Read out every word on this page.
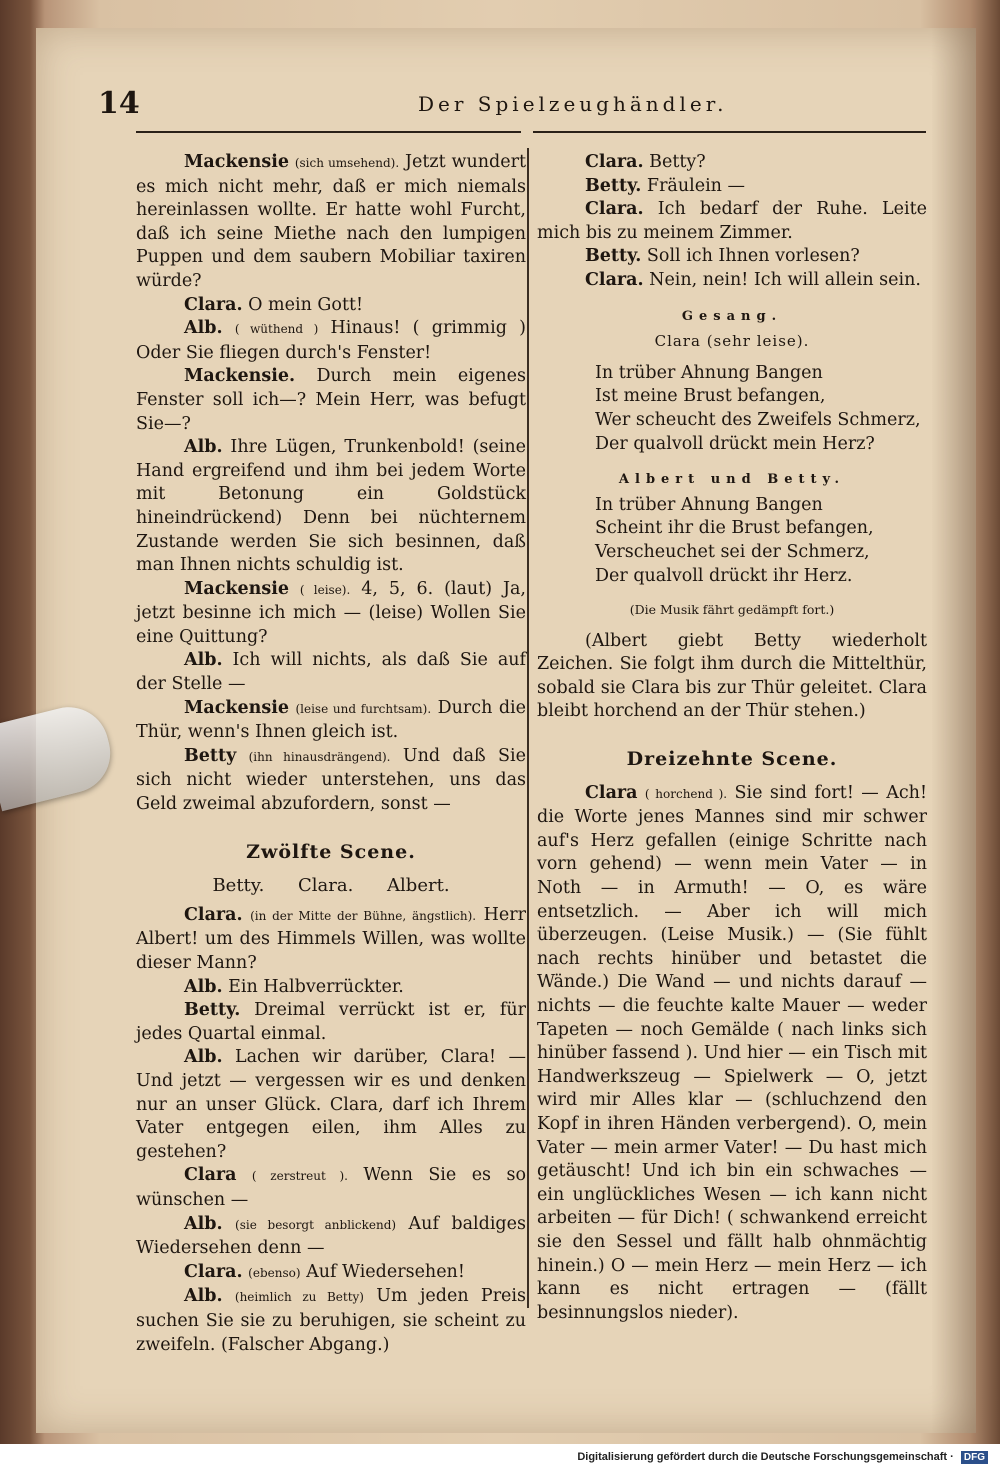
14	Der Spielzeughändler.

Mackensie (sich umsehend). Jetzt wundert es mich nicht mehr, daß er mich niemals hereinlassen wollte. Er hatte wohl Furcht, daß ich seine Miethe nach den lumpigen Puppen und dem saubern Mobiliar taxiren würde?

Clara. O mein Gott!

Alb. ( wüthend ) Hinaus! ( grimmig ) Oder Sie fliegen durch's Fenster!

Mackensie. Durch mein eigenes Fenster soll ich—? Mein Herr, was befugt Sie—?

Alb. Ihre Lügen, Trunkenbold! (seine Hand ergreifend und ihm bei jedem Worte mit Betonung ein Goldstück hineindrückend) Denn bei nüchternem Zustande werden Sie sich besinnen, daß man Ihnen nichts schuldig ist.

Mackensie ( leise). 4, 5, 6. (laut) Ja, jetzt besinne ich mich — (leise) Wollen Sie eine Quittung?

Alb. Ich will nichts, als daß Sie auf der Stelle —

Mackensie (leise und furchtsam). Durch die Thür, wenn's Ihnen gleich ist.

Betty (ihn hinausdrängend). Und daß Sie sich nicht wieder unterstehen, uns das Geld zweimal abzufordern, sonst —

Zwölfte Scene.

Betty. Clara. Albert.

Clara. (in der Mitte der Bühne, ängstlich). Herr Albert! um des Himmels Willen, was wollte dieser Mann?

Alb. Ein Halbverrückter.

Betty. Dreimal verrückt ist er, für jedes Quartal einmal.

Alb. Lachen wir darüber, Clara! — Und jetzt — vergessen wir es und denken nur an unser Glück. Clara, darf ich Ihrem Vater entgegen eilen, ihm Alles zu gestehen?

Clara ( zerstreut ). Wenn Sie es so wünschen —

Alb. (sie besorgt anblickend) Auf baldiges Wiedersehen denn —

Clara. (ebenso) Auf Wiedersehen!

Alb. (heimlich zu Betty) Um jeden Preis suchen Sie sie zu beruhigen, sie scheint zu zweifeln. (Falscher Abgang.)

Clara. Betty?

Betty. Fräulein —

Clara. Ich bedarf der Ruhe. Leite mich bis zu meinem Zimmer.

Betty. Soll ich Ihnen vorlesen?

Clara. Nein, nein! Ich will allein sein.

Gesang.

Clara (sehr leise).

In trüber Ahnung Bangen

Ist meine Brust befangen,

Wer scheucht des Zweifels Schmerz,

Der qualvoll drückt mein Herz?

Albert und Betty.

In trüber Ahnung Bangen

Scheint ihr die Brust befangen,

Verscheuchet sei der Schmerz,

Der qualvoll drückt ihr Herz.

(Die Musik fährt gedämpft fort.)

(Albert giebt Betty wiederholt Zeichen. Sie folgt ihm durch die Mittelthür, sobald sie Clara bis zur Thür geleitet. Clara bleibt horchend an der Thür stehen.)

Dreizehnte Scene.

Clara ( horchend ). Sie sind fort! — Ach! die Worte jenes Mannes sind mir schwer auf's Herz gefallen (einige Schritte nach vorn gehend) — wenn mein Vater — in Noth — in Armuth! — O, es wäre entsetzlich. — Aber ich will mich überzeugen. (Leise Musik.) — (Sie fühlt nach rechts hinüber und betastet die Wände.) Die Wand — und nichts darauf — nichts — die feuchte kalte Mauer — weder Tapeten — noch Gemälde ( nach links sich hinüber fassend ). Und hier — ein Tisch mit Handwerkszeug — Spielwerk — O, jetzt wird mir Alles klar — (schluchzend den Kopf in ihren Händen verbergend). O, mein Vater — mein armer Vater! — Du hast mich getäuscht! Und ich bin ein schwaches — ein unglückliches Wesen — ich kann nicht arbeiten — für Dich! ( schwankend erreicht sie den Sessel und fällt halb ohnmächtig hinein.) O — mein Herz — mein Herz — ich kann es nicht ertragen — (fällt besinnungslos nieder).

Digitalisierung gefördert durch die Deutsche Forschungsgemeinschaft · DFG
